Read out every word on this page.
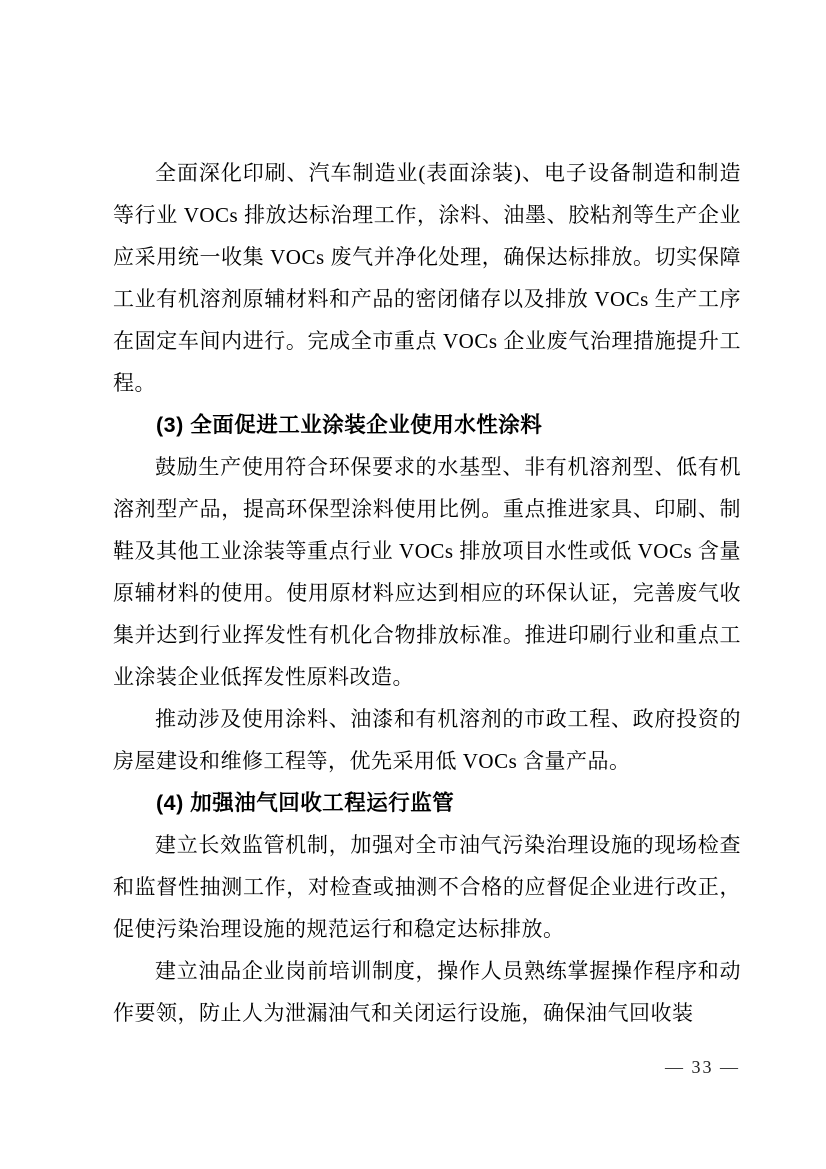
全面深化印刷、汽车制造业(表面涂装)、电子设备制造和制造等行业 VOCs 排放达标治理工作，涂料、油墨、胶粘剂等生产企业应采用统一收集 VOCs 废气并净化处理，确保达标排放。切实保障工业有机溶剂原辅材料和产品的密闭储存以及排放 VOCs 生产工序在固定车间内进行。完成全市重点 VOCs 企业废气治理措施提升工程。

(3) 全面促进工业涂装企业使用水性涂料

鼓励生产使用符合环保要求的水基型、非有机溶剂型、低有机溶剂型产品，提高环保型涂料使用比例。重点推进家具、印刷、制鞋及其他工业涂装等重点行业 VOCs 排放项目水性或低 VOCs 含量原辅材料的使用。使用原材料应达到相应的环保认证，完善废气收集并达到行业挥发性有机化合物排放标准。推进印刷行业和重点工业涂装企业低挥发性原料改造。

推动涉及使用涂料、油漆和有机溶剂的市政工程、政府投资的房屋建设和维修工程等，优先采用低 VOCs 含量产品。

(4) 加强油气回收工程运行监管

建立长效监管机制，加强对全市油气污染治理设施的现场检查和监督性抽测工作，对检查或抽测不合格的应督促企业进行改正，促使污染治理设施的规范运行和稳定达标排放。

建立油品企业岗前培训制度，操作人员熟练掌握操作程序和动作要领，防止人为泄漏油气和关闭运行设施，确保油气回收装

— 33 —
